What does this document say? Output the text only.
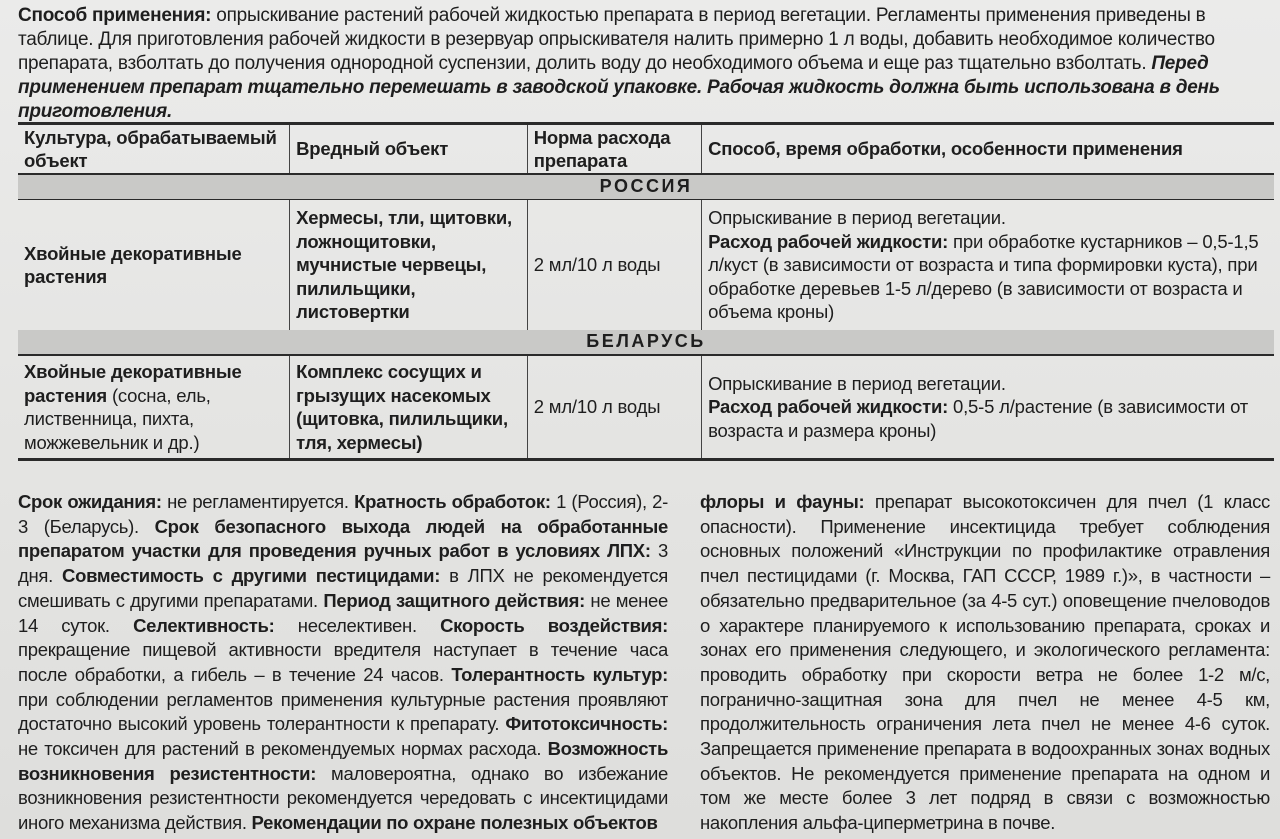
Способ применения: опрыскивание растений рабочей жидкостью препарата в период вегетации. Регламенты применения приведены в таблице. Для приготовления рабочей жидкости в резервуар опрыскивателя налить примерно 1 л воды, добавить необходимое количество препарата, взболтать до получения однородной суспензии, долить воду до необходимого объема и еще раз тщательно взболтать. Перед применением препарат тщательно перемешать в заводской упаковке. Рабочая жидкость должна быть использована в день приготовления.
Культура, обрабатываемый объект	Вредный объект	Норма расхода препарата	Способ, время обработки, особенности применения
РОССИЯ			
Хвойные декоративные растения	Хермесы, тли, щитовки, ложнощитовки, мучнистые червецы, пилильщики, листовертки	2 мл/10 л воды	Опрыскивание в период вегетации.
Расход рабочей жидкости: при обработке кустарников – 0,5-1,5 л/куст (в зависимости от возраста и типа формировки куста), при обработке деревьев 1-5 л/дерево (в зависимости от возраста и объема кроны)
БЕЛАРУСЬ			
Хвойные декоративные растения (сосна, ель, лиственница, пихта, можжевельник и др.)	Комплекс сосущих и грызущих насекомых (щитовка, пилильщики, тля, хермесы)	2 мл/10 л воды	Опрыскивание в период вегетации.
Расход рабочей жидкости: 0,5-5 л/растение (в зависимости от возраста и размера кроны)
Срок ожидания: не регламентируется. Кратность обработок: 1 (Россия), 2-3 (Беларусь). Срок безопасного выхода людей на обработанные препаратом участки для проведения ручных работ в условиях ЛПХ: 3 дня. Совместимость с другими пестицидами: в ЛПХ не рекомендуется смешивать с другими препаратами. Период защитного действия: не менее 14 суток. Селективность: неселективен. Скорость воздействия: прекращение пищевой активности вредителя наступает в течение часа после обработки, а гибель – в течение 24 часов. Толерантность культур: при соблюдении регламентов применения культурные растения проявляют достаточно высокий уровень толерантности к препарату. Фитотоксичность: не токсичен для растений в рекомендуемых нормах расхода. Возможность возникновения резистентности: маловероятна, однако во избежание возникновения резистентности рекомендуется чередовать с инсектицидами иного механизма действия. Рекомендации по охране полезных объектов
флоры и фауны: препарат высокотоксичен для пчел (1 класс опасности). Применение инсектицида требует соблюдения основных положений «Инструкции по профилактике отравления пчел пестицидами (г. Москва, ГАП СССР, 1989 г.)», в частности – обязательно предварительное (за 4-5 сут.) оповещение пчеловодов о характере планируемого к использованию препарата, сроках и зонах его применения следующего, и экологического регламента: проводить обработку при скорости ветра не более 1-2 м/с, погранично-защитная зона для пчел не менее 4-5 км, продолжительность ограничения лета пчел не менее 4-6 суток. Запрещается применение препарата в водоохранных зонах водных объектов. Не рекомендуется применение препарата на одном и том же месте более 3 лет подряд в связи с возможностью накопления альфа-циперметрина в почве.
